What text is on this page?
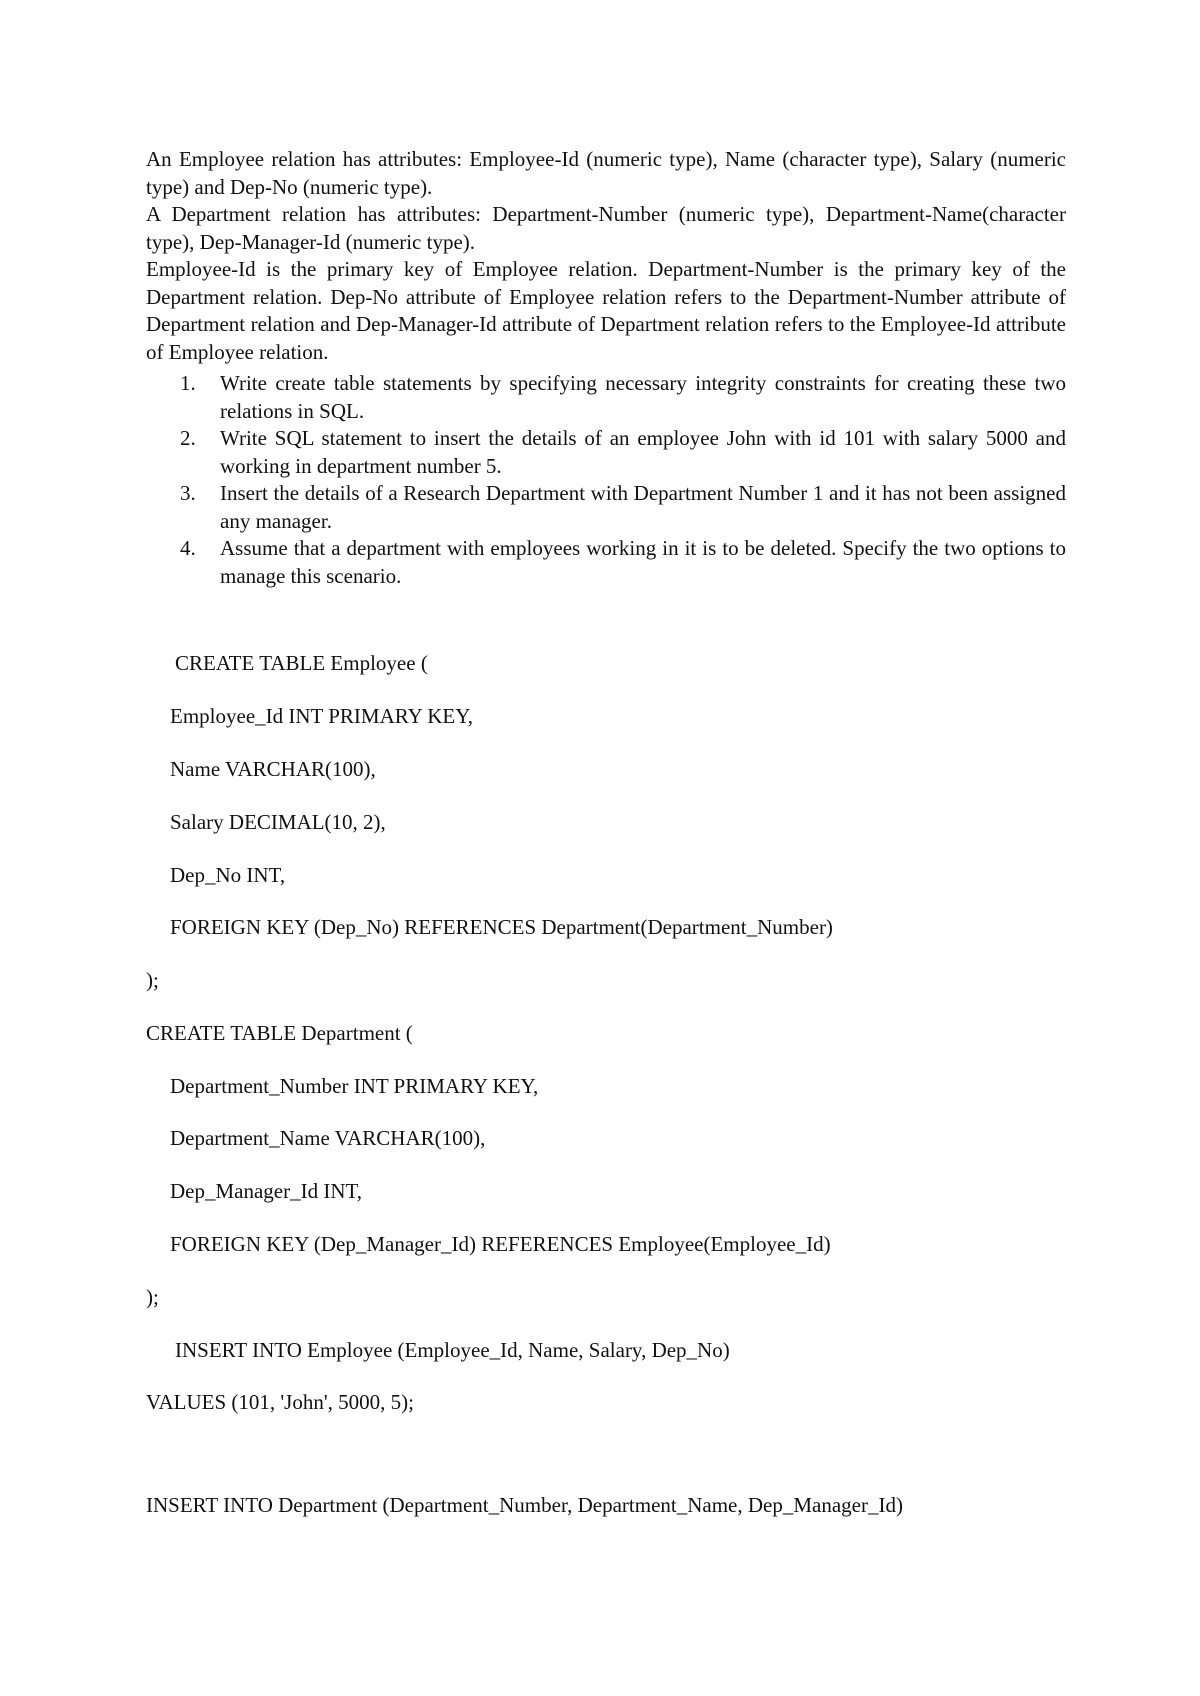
An Employee relation has attributes: Employee-Id (numeric type), Name (character type), Salary (numeric type) and Dep-No (numeric type).

A Department relation has attributes: Department-Number (numeric type), Department-Name(character type), Dep-Manager-Id (numeric type).

Employee-Id is the primary key of Employee relation. Department-Number is the primary key of the Department relation. Dep-No attribute of Employee relation refers to the Department-Number attribute of Department relation and Dep-Manager-Id attribute of Department relation refers to the Employee-Id attribute of Employee relation.

1. Write create table statements by specifying necessary integrity constraints for creating these two relations in SQL.
2. Write SQL statement to insert the details of an employee John with id 101 with salary 5000 and working in department number 5.
3. Insert the details of a Research Department with Department Number 1 and it has not been assigned any manager.
4. Assume that a department with employees working in it is to be deleted. Specify the two options to manage this scenario.
CREATE TABLE Employee (
Employee_Id INT PRIMARY KEY,
Name VARCHAR(100),
Salary DECIMAL(10, 2),
Dep_No INT,
FOREIGN KEY (Dep_No) REFERENCES Department(Department_Number)
);
CREATE TABLE Department (
Department_Number INT PRIMARY KEY,
Department_Name VARCHAR(100),
Dep_Manager_Id INT,
FOREIGN KEY (Dep_Manager_Id) REFERENCES Employee(Employee_Id)
);
INSERT INTO Employee (Employee_Id, Name, Salary, Dep_No)
VALUES (101, 'John', 5000, 5);
INSERT INTO Department (Department_Number, Department_Name, Dep_Manager_Id)
